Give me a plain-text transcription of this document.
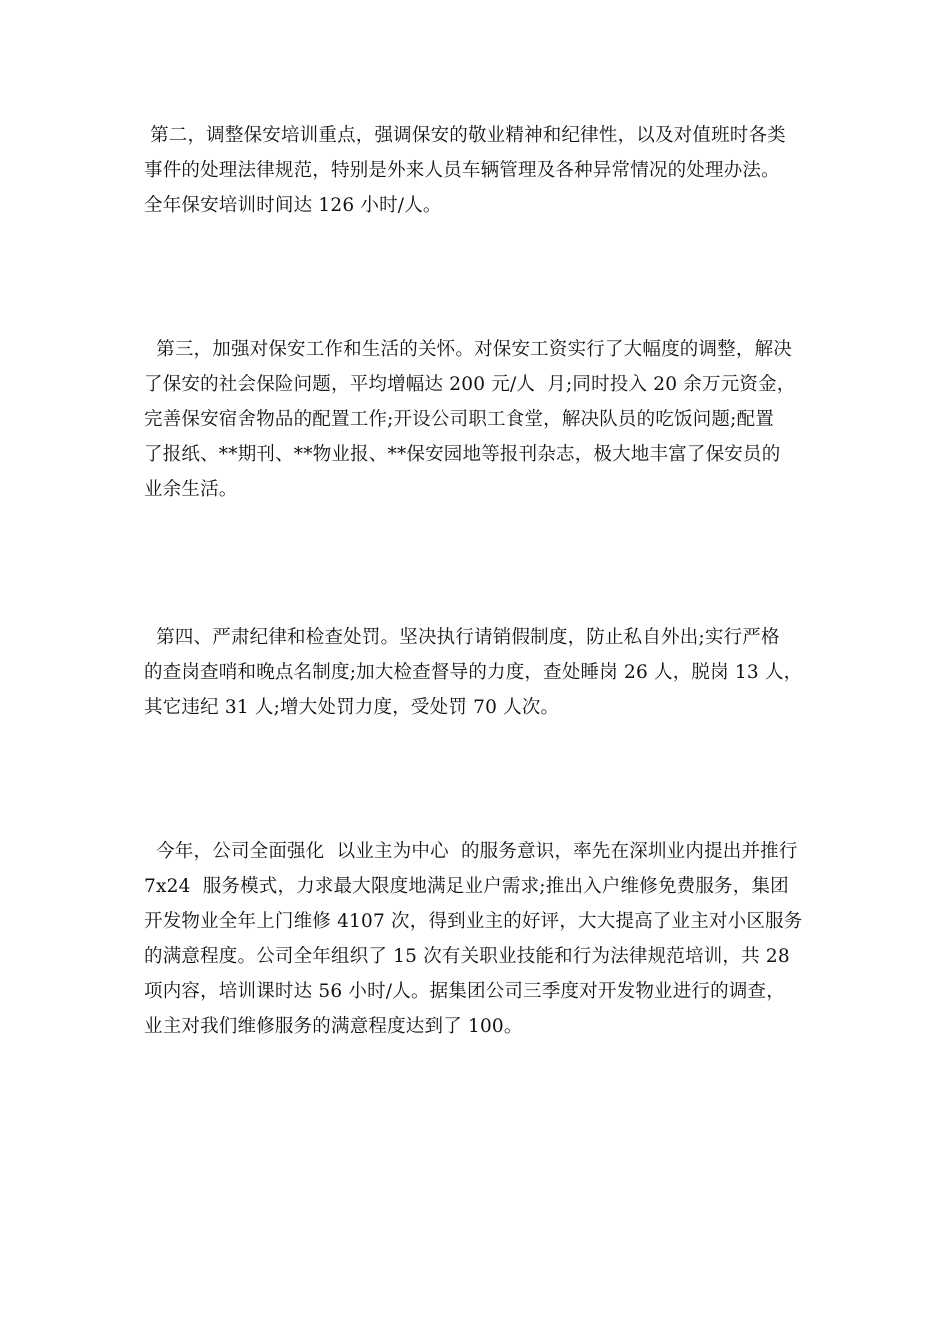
第二，调整保安培训重点，强调保安的敬业精神和纪律性，以及对值班时各类
事件的处理法律规范，特别是外来人员车辆管理及各种异常情况的处理办法。
全年保安培训时间达 126 小时/人。
第三，加强对保安工作和生活的关怀。对保安工资实行了大幅度的调整，解决
了保安的社会保险问题，平均增幅达 200 元/人  月;同时投入 20 余万元资金，
完善保安宿舍物品的配置工作;开设公司职工食堂，解决队员的吃饭问题;配置
了报纸、**期刊、**物业报、**保安园地等报刊杂志，极大地丰富了保安员的
业余生活。
第四、严肃纪律和检查处罚。坚决执行请销假制度，防止私自外出;实行严格
的查岗查哨和晚点名制度;加大检查督导的力度，查处睡岗 26 人，脱岗 13 人，
其它违纪 31 人;增大处罚力度，受处罚 70 人次。
今年，公司全面强化  以业主为中心  的服务意识，率先在深圳业内提出并推行
7x24  服务模式，力求最大限度地满足业户需求;推出入户维修免费服务，集团
开发物业全年上门维修 4107 次，得到业主的好评，大大提高了业主对小区服务
的满意程度。公司全年组织了 15 次有关职业技能和行为法律规范培训，共 28
项内容，培训课时达 56 小时/人。据集团公司三季度对开发物业进行的调查，
业主对我们维修服务的满意程度达到了 100。
